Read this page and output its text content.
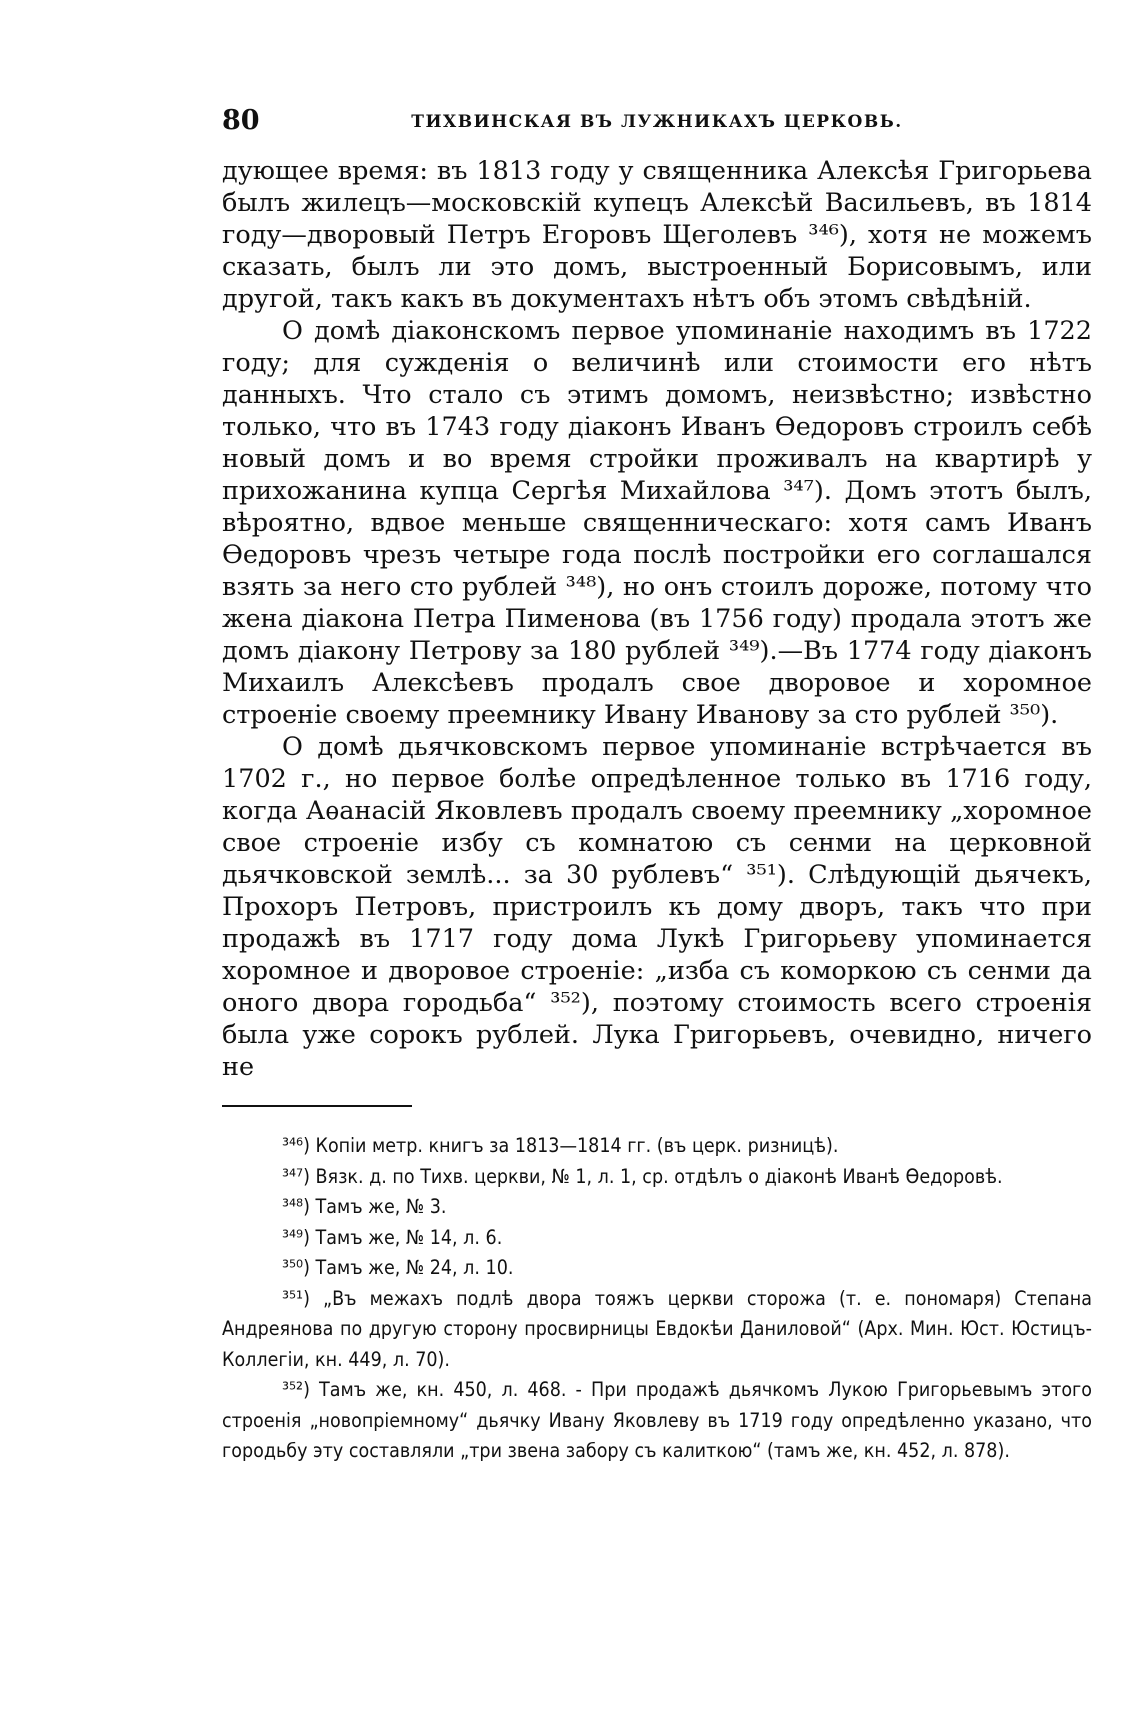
80	ТИХВИНСКАЯ ВЪ ЛУЖНИКАХЪ ЦЕРКОВЬ.

дующее время: въ 1813 году у священника Алексѣя Григорьева былъ жилецъ—московскій купецъ Алексѣй Васильевъ, въ 1814 году—дворовый Петръ Егоровъ Щеголевъ ³⁴⁶), хотя не можемъ сказать, былъ ли это домъ, выстроенный Борисовымъ, или другой, такъ какъ въ документахъ нѣтъ объ этомъ свѣдѣній.

О домѣ діаконскомъ первое упоминаніе находимъ въ 1722 году; для сужденія о величинѣ или стоимости его нѣтъ данныхъ. Что стало съ этимъ домомъ, неизвѣстно; извѣстно только, что въ 1743 году діаконъ Иванъ Ѳедоровъ строилъ себѣ новый домъ и во время стройки проживалъ на квартирѣ у прихожанина купца Сергѣя Михайлова ³⁴⁷). Домъ этотъ былъ, вѣроятно, вдвое меньше священническаго: хотя самъ Иванъ Ѳедоровъ чрезъ четыре года послѣ постройки его соглашался взять за него сто рублей ³⁴⁸), но онъ стоилъ дороже, потому что жена діакона Петра Пименова (въ 1756 году) продала этотъ же домъ діакону Петрову за 180 рублей ³⁴⁹).—Въ 1774 году діаконъ Михаилъ Алексѣевъ продалъ свое дворовое и хоромное строеніе своему преемнику Ивану Иванову за сто рублей ³⁵⁰).

О домѣ дьячковскомъ первое упоминаніе встрѣчается въ 1702 г., но первое болѣе опредѣленное только въ 1716 году, когда Аѳанасій Яковлевъ продалъ своему преемнику „хоромное свое строеніе избу съ комнатою съ сенми на церковной дьячковской землѣ... за 30 рублевъ“ ³⁵¹). Слѣдующій дьячекъ, Прохоръ Петровъ, пристроилъ къ дому дворъ, такъ что при продажѣ въ 1717 году дома Лукѣ Григорьеву упоминается хоромное и дворовое строеніе: „изба съ коморкою съ сенми да оного двора городьба“ ³⁵²), поэтому стоимость всего строенія была уже сорокъ рублей. Лука Григорьевъ, очевидно, ничего не

³⁴⁶) Копіи метр. книгъ за 1813—1814 гг. (въ церк. ризницѣ).

³⁴⁷) Вязк. д. по Тихв. церкви, № 1, л. 1, ср. отдѣлъ о діаконѣ Иванѣ Ѳедоровѣ.

³⁴⁸) Тамъ же, № 3.

³⁴⁹) Тамъ же, № 14, л. 6.

³⁵⁰) Тамъ же, № 24, л. 10.

³⁵¹) „Въ межахъ подлѣ двора тояжъ церкви сторожа (т. е. пономаря) Степана Андреянова по другую сторону просвирницы Евдокѣи Даниловой“ (Арх. Мин. Юст. Юстицъ-Коллегіи, кн. 449, л. 70).

³⁵²) Тамъ же, кн. 450, л. 468. - При продажѣ дьячкомъ Лукою Григорьевымъ этого строенія „новопріемному“ дьячку Ивану Яковлеву въ 1719 году опредѣленно указано, что городьбу эту составляли „три звена забору съ калиткою“ (тамъ же, кн. 452, л. 878).
